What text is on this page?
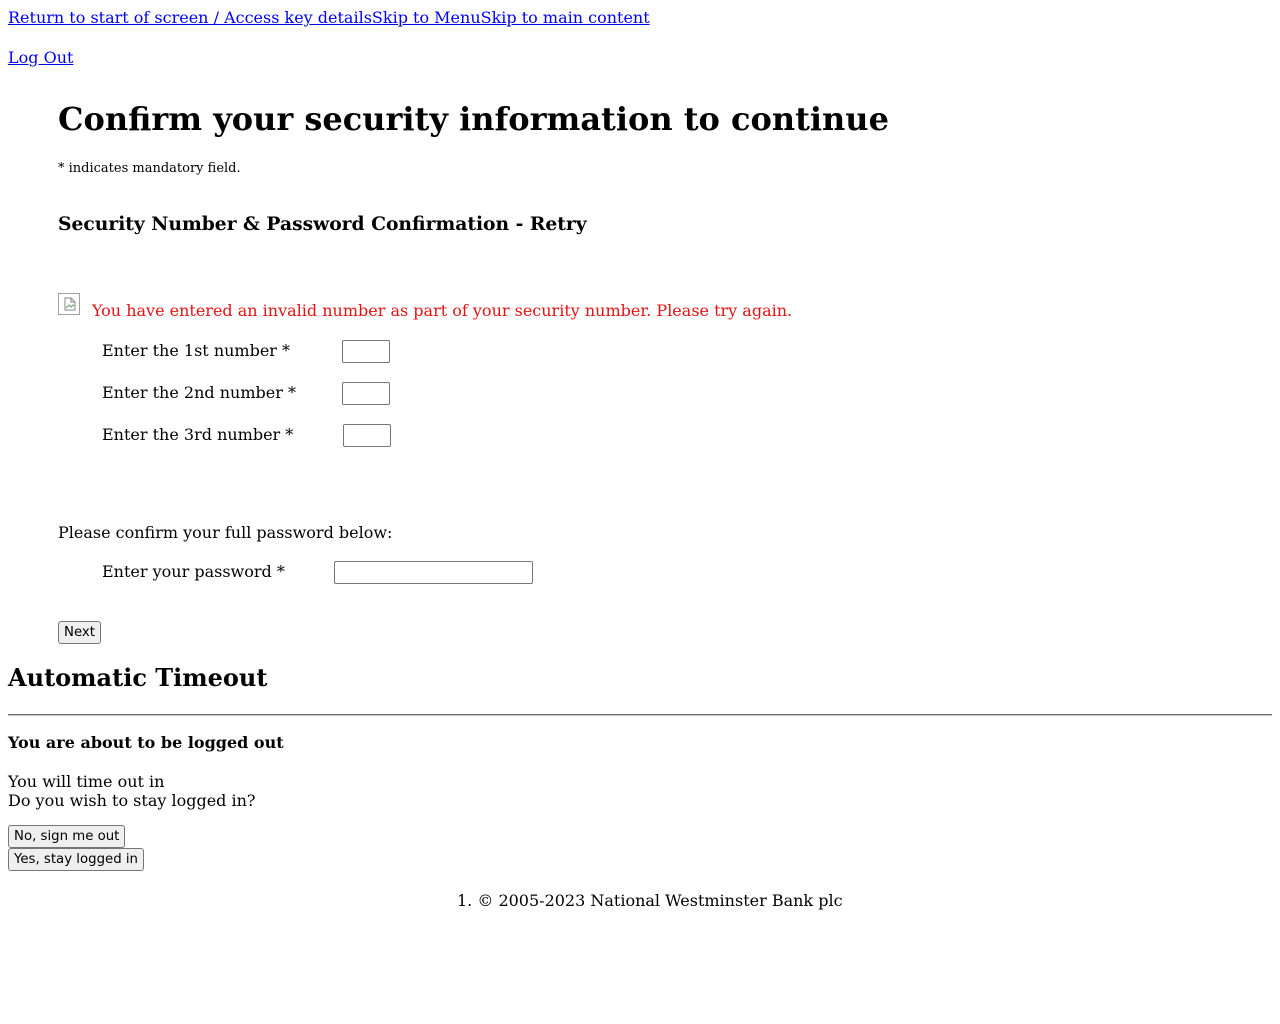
Return to start of screen / Access key detailsSkip to MenuSkip to main content
Log Out
Confirm your security information to continue
* indicates mandatory field.
Security Number & Password Confirmation - Retry
You have entered an invalid number as part of your security number. Please try again.
Enter the 1st number *
Enter the 2nd number *
Enter the 3rd number *
Please confirm your full password below:
Enter your password *
Next
Automatic Timeout
You are about to be logged out
You will time out in
Do you wish to stay logged in?
No, sign me out
Yes, stay logged in
1. © 2005-2023 National Westminster Bank plc
